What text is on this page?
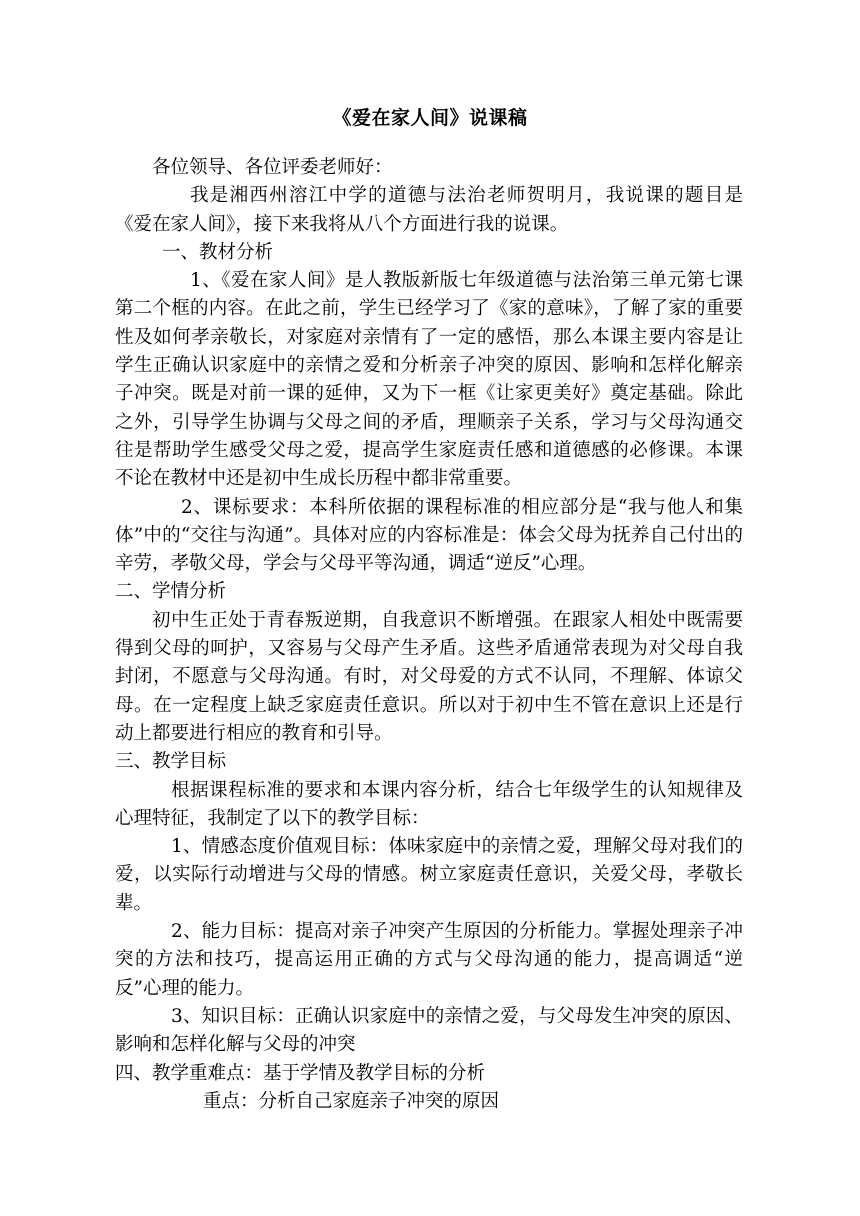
《爱在家人间》说课稿

各位领导、各位评委老师好：

我是湘西州溶江中学的道德与法治老师贺明月，我说课的题目是《爱在家人间》，接下来我将从八个方面进行我的说课。

一、教材分析

1、《爱在家人间》是人教版新版七年级道德与法治第三单元第七课第二个框的内容。在此之前，学生已经学习了《家的意味》，了解了家的重要性及如何孝亲敬长，对家庭对亲情有了一定的感悟，那么本课主要内容是让学生正确认识家庭中的亲情之爱和分析亲子冲突的原因、影响和怎样化解亲子冲突。既是对前一课的延伸，又为下一框《让家更美好》奠定基础。除此之外，引导学生协调与父母之间的矛盾，理顺亲子关系，学习与父母沟通交往是帮助学生感受父母之爱，提高学生家庭责任感和道德感的必修课。本课不论在教材中还是初中生成长历程中都非常重要。

2、课标要求：本科所依据的课程标准的相应部分是“我与他人和集体”中的“交往与沟通”。具体对应的内容标准是：体会父母为抚养自己付出的辛劳，孝敬父母，学会与父母平等沟通，调适“逆反”心理。

二、学情分析

初中生正处于青春叛逆期，自我意识不断增强。在跟家人相处中既需要得到父母的呵护，又容易与父母产生矛盾。这些矛盾通常表现为对父母自我封闭，不愿意与父母沟通。有时，对父母爱的方式不认同，不理解、体谅父母。在一定程度上缺乏家庭责任意识。所以对于初中生不管在意识上还是行动上都要进行相应的教育和引导。

三、教学目标

根据课程标准的要求和本课内容分析，结合七年级学生的认知规律及心理特征，我制定了以下的教学目标：

1、情感态度价值观目标：体味家庭中的亲情之爱，理解父母对我们的爱，以实际行动增进与父母的情感。树立家庭责任意识，关爱父母，孝敬长辈。

2、能力目标：提高对亲子冲突产生原因的分析能力。掌握处理亲子冲突的方法和技巧，提高运用正确的方式与父母沟通的能力，提高调适“逆反”心理的能力。

3、知识目标：正确认识家庭中的亲情之爱，与父母发生冲突的原因、影响和怎样化解与父母的冲突

四、教学重难点：基于学情及教学目标的分析

重点：分析自己家庭亲子冲突的原因
